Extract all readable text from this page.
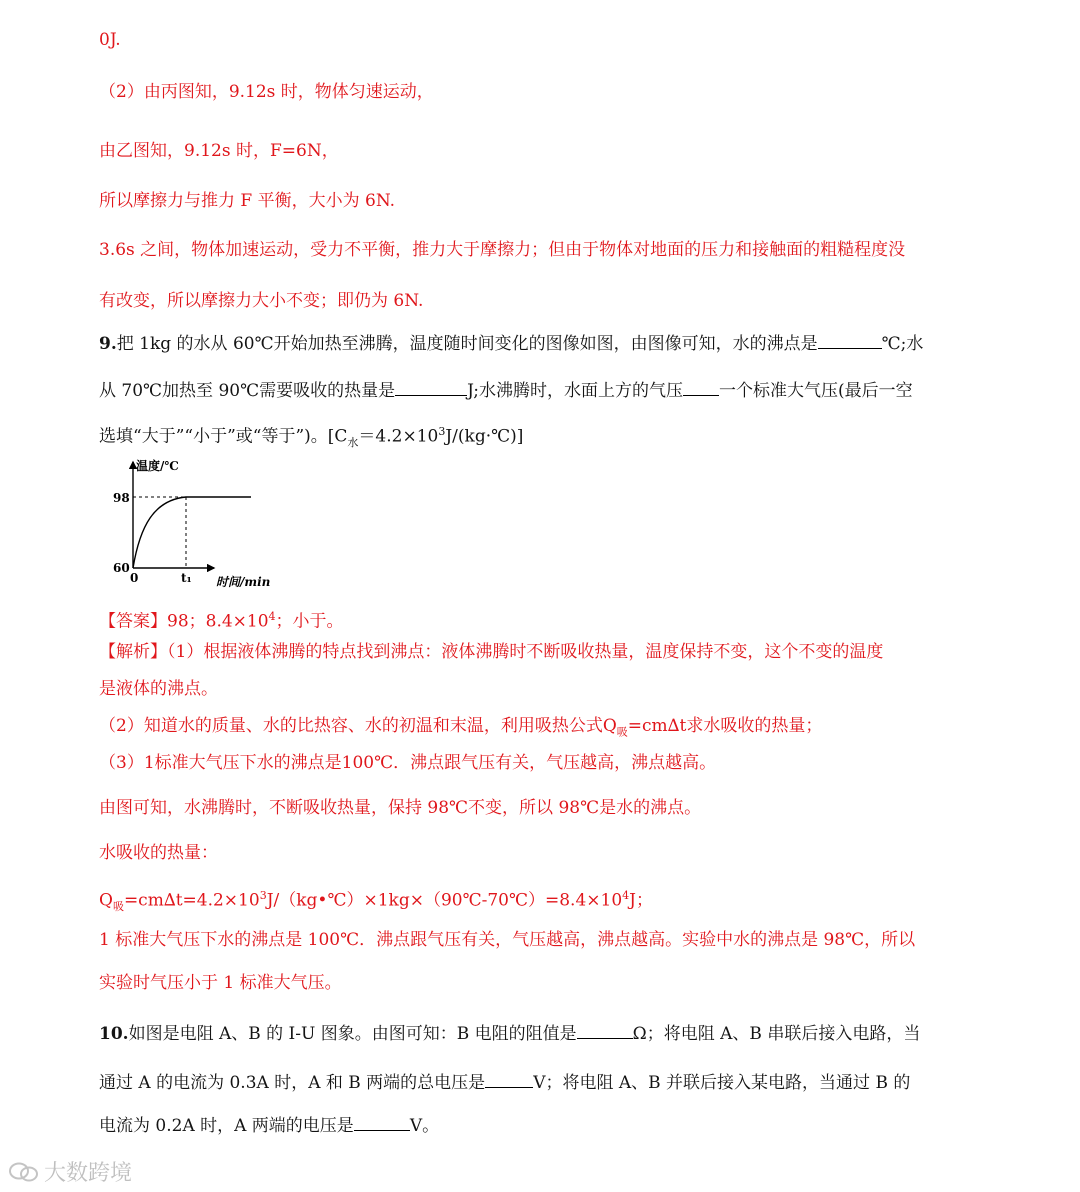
0J.
（2）由丙图知，9.12s 时，物体匀速运动，
由乙图知，9.12s 时，F=6N，
所以摩擦力与推力 F 平衡，大小为 6N.
3.6s 之间，物体加速运动，受力不平衡，推力大于摩擦力；但由于物体对地面的压力和接触面的粗糙程度没
有改变，所以摩擦力大小不变；即仍为 6N.
9.把 1kg 的水从 60℃开始加热至沸腾，温度随时间变化的图像如图，由图像可知，水的沸点是	℃;水
从 70℃加热至 90℃需要吸收的热量是	J;水沸腾时，水面上方的气压 一个标准大气压(最后一空
选填“大于”“小于”或“等于”)。$[C_水=4.2\times 10^3J/(kg\cdot℃)]$
温度/℃
时间/min
98
60
0	t₁
【答案】98；$8.4\times 10^4$；小于。
【解析】（1）根据液体沸腾的特点找到沸点：液体沸腾时不断吸收热量，温度保持不变，这个不变的温度
是液体的沸点。
（2）知道水的质量、水的比热容、水的初温和末温，利用吸热公式$Q_吸=cm\Delta t$求水吸收的热量；
（3）1标准大气压下水的沸点是100℃．沸点跟气压有关，气压越高，沸点越高。
由图可知，水沸腾时，不断吸收热量，保持 98℃不变，所以 98℃是水的沸点。
水吸收的热量：
$Q_吸=cm\Delta t=4.2\times 10^3J/(kg•℃)\times 1kg\times(90℃-70℃)=8.4\times 10^4J$；
1 标准大气压下水的沸点是 100℃．沸点跟气压有关，气压越高，沸点越高。实验中水的沸点是 98℃，所以
实验时气压小于 1 标准大气压。
10.如图是电阻 A、B 的 I-U 图象。由图可知：B 电阻的阻值是	Ω；将电阻 A、B 串联后接入电路，当
通过 A 的电流为 0.3A 时，A 和 B 两端的总电压是	V；将电阻 A、B 并联后接入某电路，当通过 B 的
电流为 0.2A 时，A 两端的电压是	V。
大数跨境
